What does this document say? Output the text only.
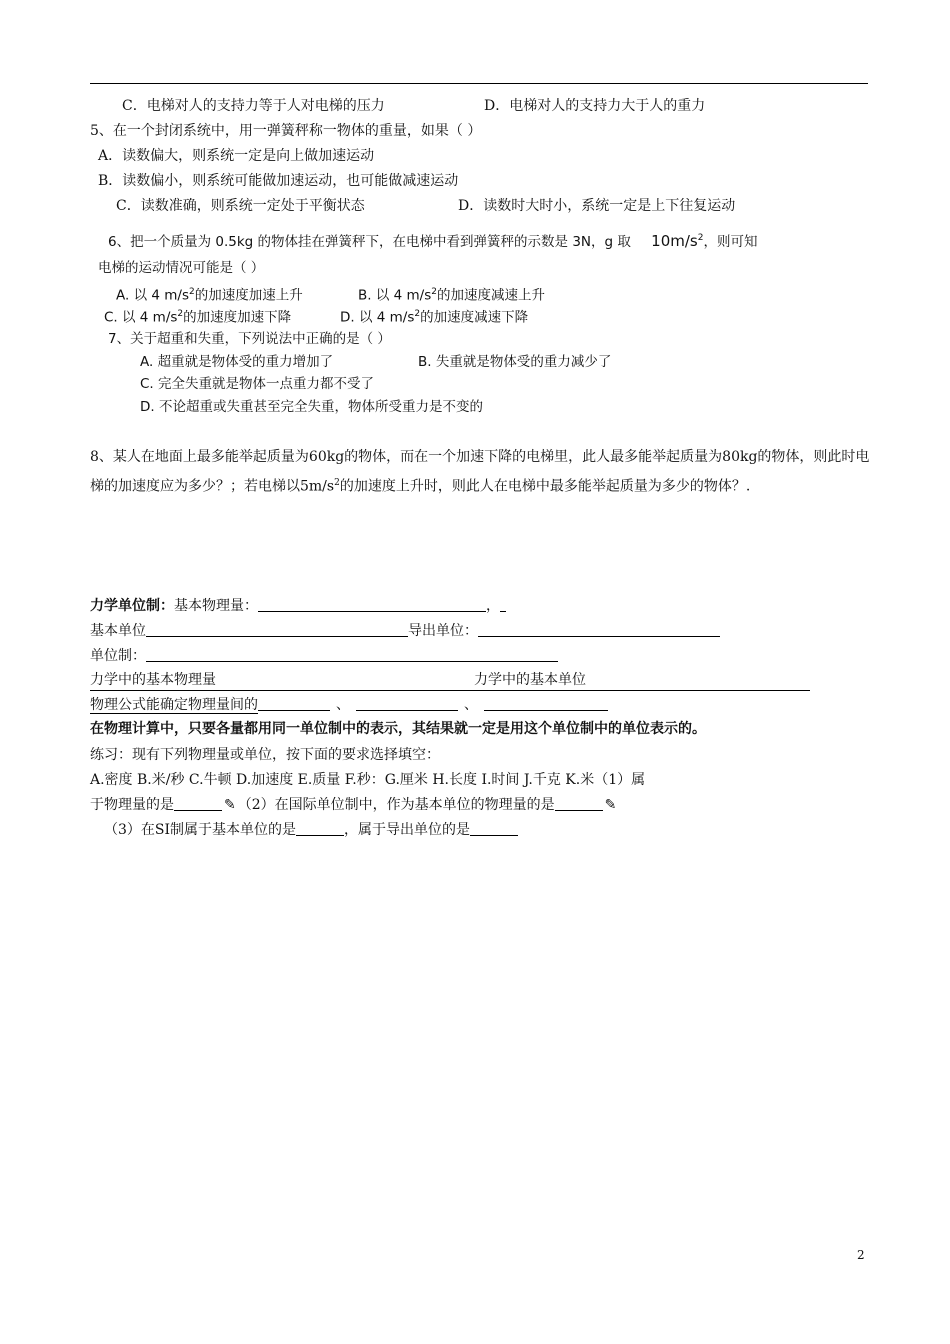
C．电梯对人的支持力等于人对电梯的压力	D．电梯对人的支持力大于人的重力
5、在一个封闭系统中，用一弹簧秤称一物体的重量，如果（ ）
A．读数偏大，则系统一定是向上做加速运动
B．读数偏小，则系统可能做加速运动，也可能做减速运动
C．读数准确，则系统一定处于平衡状态	D．读数时大时小，系统一定是上下往复运动
6、把一个质量为 0.5kg 的物体挂在弹簧秤下，在电梯中看到弹簧秤的示数是 3N，g 取 $10m/s^2$，则可知
电梯的运动情况可能是（ ）
A. 以 4 $m/s^2$的加速度加速上升	B. 以 4 $m/s^2$的加速度减速上升
C. 以 4 $m/s^2$的加速度加速下降	D. 以 4 $m/s^2$的加速度减速下降
7、关于超重和失重，下列说法中正确的是（ ）
A. 超重就是物体受的重力增加了	B. 失重就是物体受的重力减少了
C. 完全失重就是物体一点重力都不受了
D. 不论超重或失重甚至完全失重，物体所受重力是不变的
8、某人在地面上最多能举起质量为60kg的物体，而在一个加速下降的电梯里，此人最多能举起质量为80kg的物体，则此时电梯的加速度应为多少？；若电梯以$5m/s^2$的加速度上升时，则此人在电梯中最多能举起质量为多少的物体？.
力学单位制：基本物理量：	，
基本单位	导出单位：
单位制：
力学中的基本物理量	力学中的基本单位
物理公式能确定物理量间的	、	、
在物理计算中，只要各量都用同一单位制中的表示，其结果就一定是用这个单位制中的单位表示的。
练习：现有下列物理量或单位，按下面的要求选择填空：
A.密度 B.米/秒 C.牛顿 D.加速度 E.质量 F.秒：G.厘米 H.长度 I.时间 J.千克 K.米（1）属
于物理量的是	✎ （2）在国际单位制中，作为基本单位的物理量的是	✎
（3）在SI制属于基本单位的是	，属于导出单位的是
2
